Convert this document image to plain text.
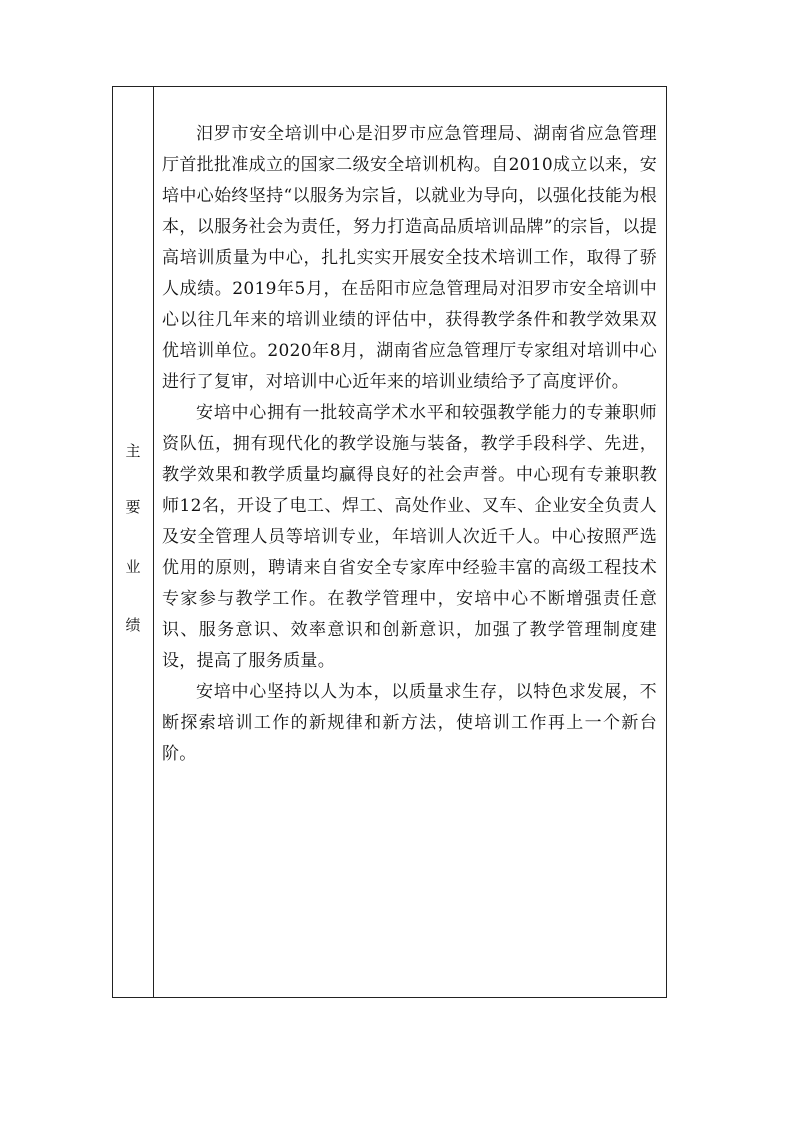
主
要
业
绩

汨罗市安全培训中心是汨罗市应急管理局、湖南省应急管理厅首批批准成立的国家二级安全培训机构。自2010成立以来，安培中心始终坚持“以服务为宗旨，以就业为导向，以强化技能为根本，以服务社会为责任，努力打造高品质培训品牌”的宗旨，以提高培训质量为中心，扎扎实实开展安全技术培训工作，取得了骄人成绩。2019年5月，在岳阳市应急管理局对汨罗市安全培训中心以往几年来的培训业绩的评估中，获得教学条件和教学效果双优培训单位。2020年8月，湖南省应急管理厅专家组对培训中心进行了复审，对培训中心近年来的培训业绩给予了高度评价。

安培中心拥有一批较高学术水平和较强教学能力的专兼职师资队伍，拥有现代化的教学设施与装备，教学手段科学、先进，教学效果和教学质量均赢得良好的社会声誉。中心现有专兼职教师12名，开设了电工、焊工、高处作业、叉车、企业安全负责人及安全管理人员等培训专业，年培训人次近千人。中心按照严选优用的原则，聘请来自省安全专家库中经验丰富的高级工程技术专家参与教学工作。在教学管理中，安培中心不断增强责任意识、服务意识、效率意识和创新意识，加强了教学管理制度建设，提高了服务质量。

安培中心坚持以人为本，以质量求生存，以特色求发展，不断探索培训工作的新规律和新方法，使培训工作再上一个新台阶。
